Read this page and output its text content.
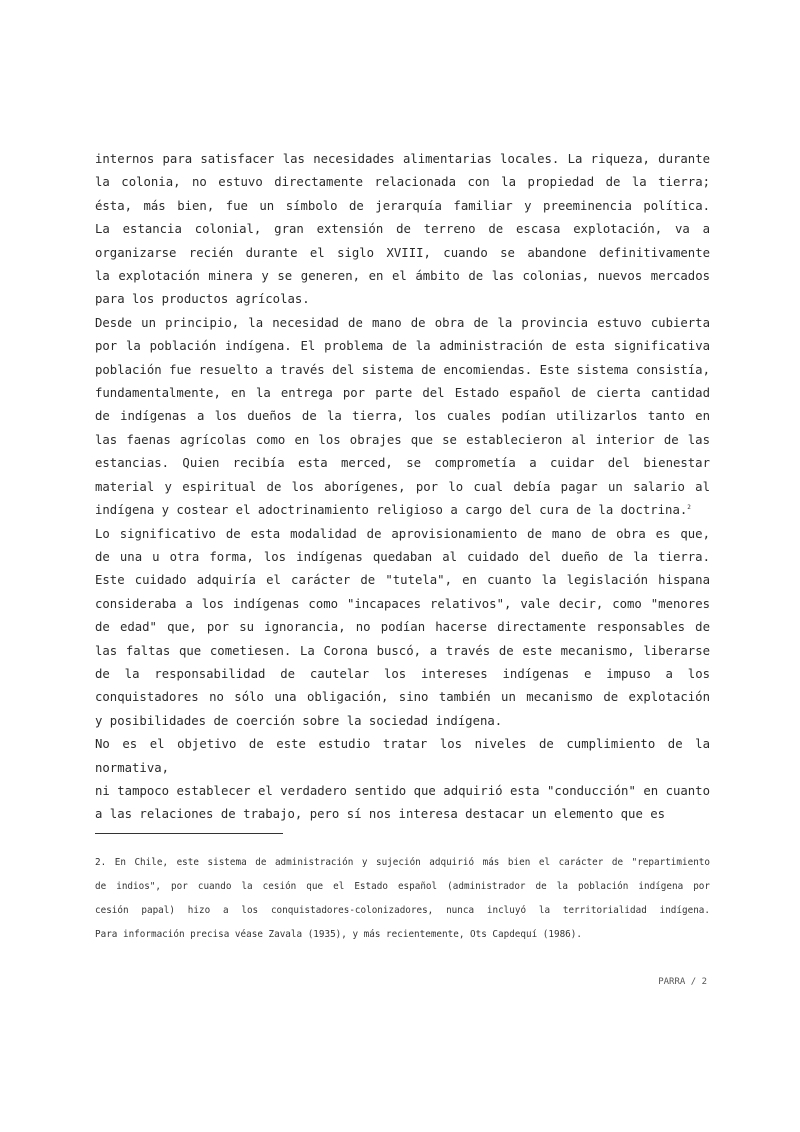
internos para satisfacer las necesidades alimentarias locales. La riqueza, durante

la colonia, no estuvo directamente relacionada con la propiedad de la tierra;

ésta, más bien, fue un símbolo de jerarquía familiar y preeminencia política.

La estancia colonial, gran extensión de terreno de escasa explotación, va a

organizarse recién durante el siglo XVIII, cuando se abandone definitivamente

la explotación minera y se generen, en el ámbito de las colonias, nuevos mercados

para los productos agrícolas.

Desde un principio, la necesidad de mano de obra de la provincia estuvo cubierta

por la población indígena. El problema de la administración de esta significativa

población fue resuelto a través del sistema de encomiendas. Este sistema consistía,

fundamentalmente, en la entrega por parte del Estado español de cierta cantidad

de indígenas a los dueños de la tierra, los cuales podían utilizarlos tanto en

las faenas agrícolas como en los obrajes que se establecieron al interior de las

estancias. Quien recibía esta merced, se comprometía a cuidar del bienestar

material y espiritual de los aborígenes, por lo cual debía pagar un salario al

indígena y costear el adoctrinamiento religioso a cargo del cura de la doctrina.$^2$

Lo significativo de esta modalidad de aprovisionamiento de mano de obra es que,

de una u otra forma, los indígenas quedaban al cuidado del dueño de la tierra.

Este cuidado adquiría el carácter de "tutela", en cuanto la legislación hispana

consideraba a los indígenas como "incapaces relativos", vale decir, como "menores

de edad" que, por su ignorancia, no podían hacerse directamente responsables de

las faltas que cometiesen. La Corona buscó, a través de este mecanismo, liberarse

de la responsabilidad de cautelar los intereses indígenas e impuso a los

conquistadores no sólo una obligación, sino también un mecanismo de explotación

y posibilidades de coerción sobre la sociedad indígena.

No es el objetivo de este estudio tratar los niveles de cumplimiento de la normativa,

ni tampoco establecer el verdadero sentido que adquirió esta "conducción" en cuanto

a las relaciones de trabajo, pero sí nos interesa destacar un elemento que es

2. En Chile, este sistema de administración y sujeción adquirió más bien el carácter de "repartimiento

de indios", por cuando la cesión que el Estado español (administrador de la población indígena por

cesión papal) hizo a los conquistadores-colonizadores, nunca incluyó la territorialidad indígena.

Para información precisa véase Zavala (1935), y más recientemente, Ots Capdequí (1986).

PARRA / 2
